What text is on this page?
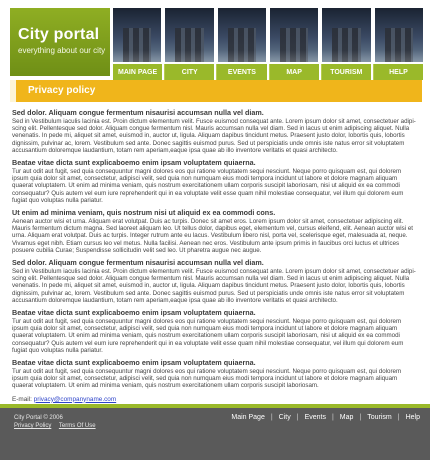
City portal
everything about our city
MAIN PAGE	CITY	EVENTS	MAP	TOURISM	HELP
Privacy policy
Sed dolor. Aliquam congue fermentum nisaurisi accumsan nulla vel diam.

Sed in Vestibulum iaculis lacinia est. Proin dictum elementum velit. Fusce euismod consequat ante. Lorem ipsum dolor sit amet, consectetuer adipi-scing elit. Pellentesque sed dolor. Aliquam congue fermentum nisl. Mauris accumsan nulla vel diam. Sed in lacus ut enim adipiscing aliquet. Nulla venenatis. In pede mi, aliquet sit amet, euismod in, auctor ut, ligula. Aliquam dapibus tincidunt metus. Praesent justo dolor, lobortis quis, lobortis dignissim, pulvinar ac, lorem. Vestibulum sed ante. Donec sagittis euismod purus. Sed ut perspiciatis unde omnis iste natus error sit voluptatem accusantium doloremque laudantium, totam rem aperiam,eaque ipsa quae ab illo inventore veritatis et quasi architecto.

Beatae vitae dicta sunt explicaboemo enim ipsam voluptatem quiaerna.

Tur aut odit aut fugit, sed quia consequuntur magni dolores eos qui ratione voluptatem sequi nesciunt. Neque porro quisquam est, qui dolorem ipsum quia dolor sit amet, consectetur, adipisci velit, sed quia non numquam eius modi tempora incidunt ut labore et dolore magnam aliquam quaerat voluptatem. Ut enim ad minima veniam, quis nostrum exercitationem ullam corporis suscipit laboriosam, nisi ut aliquid ex ea commodi consequatur? Quis autem vel eum iure reprehenderit qui in ea voluptate velit esse quam nihil molestiae consequatur, vel illum qui dolorem eum fugiat quo voluptas nulla pariatur.

Ut enim ad minima veniam, quis nostrum nisi ut aliquid ex ea commodi cons.

Aenean auctor wisi et urna. Aliquam erat volutpat. Duis ac turpis. Donec sit amet eros. Lorem ipsum dolor sit amet, consectetuer adipiscing elit. Mauris fermentum dictum magna. Sed laoreet aliquam leo. Ut tellus dolor, dapibus eget, elementum vel, cursus eleifend, elit. Aenean auctor wisi et urna. Aliquam erat volutpat. Duis ac turpis. Integer rutrum ante eu lacus. Vestibulum libero nisl, porta vel, scelerisque eget, malesuada at, neque. Vivamus eget nibh. Etiam cursus leo vel metus. Nulla facilisi. Aenean nec eros. Vestibulum ante ipsum primis in faucibus orci luctus et ultrices posuere cubilia Curae; Suspendisse sollicitudin velit sed leo. Ut pharetra augue nec augue.

Sed dolor. Aliquam congue fermentum nisaurisi accumsan nulla vel diam.

Sed in Vestibulum iaculis lacinia est. Proin dictum elementum velit. Fusce euismod consequat ante. Lorem ipsum dolor sit amet, consectetuer adipi-scing elit. Pellentesque sed dolor. Aliquam congue fermentum nisl. Mauris accumsan nulla vel diam. Sed in lacus ut enim adipiscing aliquet. Nulla venenatis. In pede mi, aliquet sit amet, euismod in, auctor ut, ligula. Aliquam dapibus tincidunt metus. Praesent justo dolor, lobortis quis, lobortis dignissim, pulvinar ac, lorem. Vestibulum sed ante. Donec sagittis euismod purus. Sed ut perspiciatis unde omnis iste natus error sit voluptatem accusantium doloremque laudantium, totam rem aperiam,eaque ipsa quae ab illo inventore veritatis et quasi architecto.

Beatae vitae dicta sunt explicaboemo enim ipsam voluptatem quiaerna.

Tur aut odit aut fugit, sed quia consequuntur magni dolores eos qui ratione voluptatem sequi nesciunt. Neque porro quisquam est, qui dolorem ipsum quia dolor sit amet, consectetur, adipisci velit, sed quia non numquam eius modi tempora incidunt ut labore et dolore magnam aliquam quaerat voluptatem. Ut enim ad minima veniam, quis nostrum exercitationem ullam corporis suscipit laboriosam, nisi ut aliquid ex ea commodi consequatur? Quis autem vel eum iure reprehenderit qui in ea voluptate velit esse quam nihil molestiae consequatur, vel illum qui dolorem eum fugiat quo voluptas nulla pariatur.

Beatae vitae dicta sunt explicaboemo enim ipsam voluptatem quiaerna.

Tur aut odit aut fugit, sed quia consequuntur magni dolores eos qui ratione voluptatem sequi nesciunt. Neque porro quisquam est, qui dolorem ipsum quia dolor sit amet, consectetur, adipisci velit, sed quia non numquam eius modi tempora incidunt ut labore et dolore magnam aliquam quaerat voluptatem. Ut enim ad minima veniam, quis nostrum exercitationem ullam corporis suscipit laboriosam.

E-mail: privacy@companyname.com
City Portal © 2006
Privacy Policy Terms Of Use
Main Page | City | Events | Map | Tourism | Help
